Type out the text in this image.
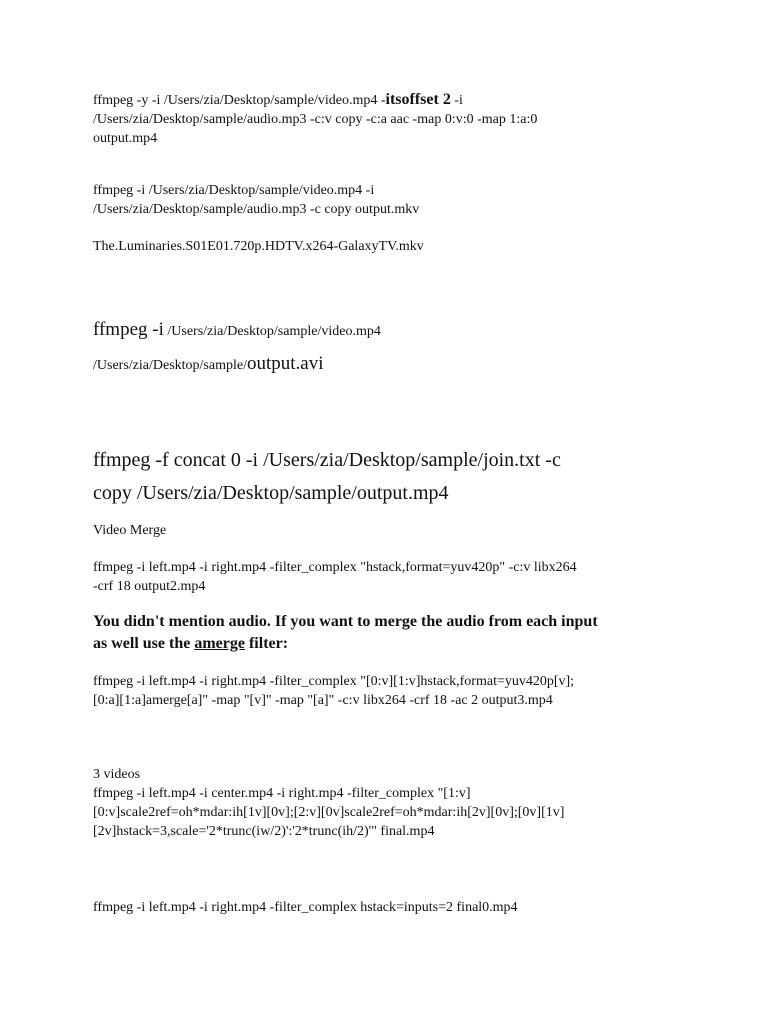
ffmpeg -y -i /Users/zia/Desktop/sample/video.mp4 -itsoffset 2 -i
/Users/zia/Desktop/sample/audio.mp3 -c:v copy -c:a aac -map 0:v:0 -map 1:a:0
output.mp4

ffmpeg -i /Users/zia/Desktop/sample/video.mp4 -i
/Users/zia/Desktop/sample/audio.mp3 -c copy output.mkv

The.Luminaries.S01E01.720p.HDTV.x264-GalaxyTV.mkv

ffmpeg -i /Users/zia/Desktop/sample/video.mp4
/Users/zia/Desktop/sample/output.avi

ffmpeg -f concat 0 -i /Users/zia/Desktop/sample/join.txt -c
copy /Users/zia/Desktop/sample/output.mp4

Video Merge

ffmpeg -i left.mp4 -i right.mp4 -filter_complex "hstack,format=yuv420p" -c:v libx264
-crf 18 output2.mp4

You didn't mention audio. If you want to merge the audio from each input
as well use the amerge filter:

ffmpeg -i left.mp4 -i right.mp4 -filter_complex "[0:v][1:v]hstack,format=yuv420p[v];
[0:a][1:a]amerge[a]" -map "[v]" -map "[a]" -c:v libx264 -crf 18 -ac 2 output3.mp4

3 videos
ffmpeg -i left.mp4 -i center.mp4 -i right.mp4 -filter_complex "[1:v]
[0:v]scale2ref=oh*mdar:ih[1v][0v];[2:v][0v]scale2ref=oh*mdar:ih[2v][0v];[0v][1v]
[2v]hstack=3,scale='2*trunc(iw/2)':'2*trunc(ih/2)'" final.mp4

ffmpeg -i left.mp4 -i right.mp4 -filter_complex hstack=inputs=2 final0.mp4
